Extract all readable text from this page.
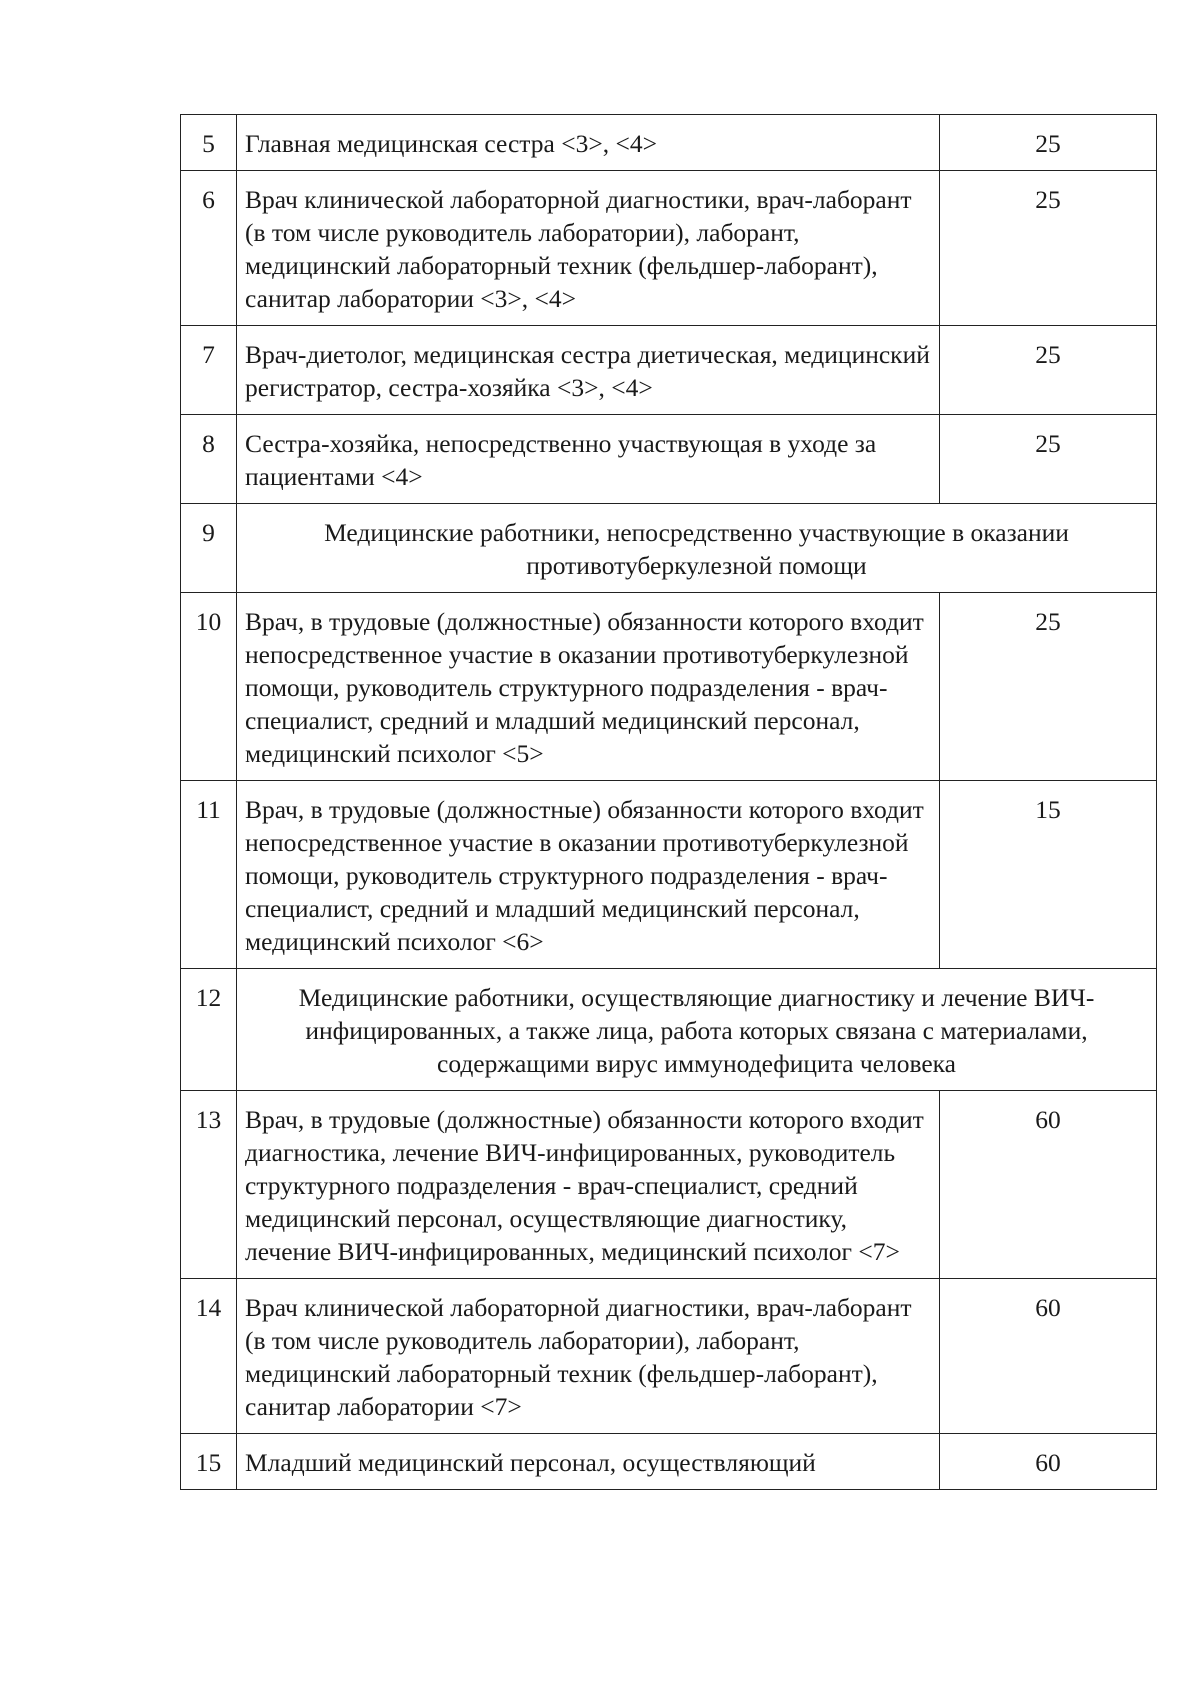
5	Главная медицинская сестра <3>, <4>	25
6	Врач клинической лабораторной диагностики, врач-лаборант (в том числе руководитель лаборатории), лаборант, медицинский лабораторный техник (фельдшер-лаборант), санитар лаборатории <3>, <4>	25
7	Врач-диетолог, медицинская сестра диетическая, медицинский регистратор, сестра-хозяйка <3>, <4>	25
8	Сестра-хозяйка, непосредственно участвующая в уходе за пациентами <4>	25
9	Медицинские работники, непосредственно участвующие в оказании противотуберкулезной помощи	
10	Врач, в трудовые (должностные) обязанности которого входит непосредственное участие в оказании противотуберкулезной помощи, руководитель структурного подразделения - врач-специалист, средний и младший медицинский персонал, медицинский психолог <5>	25
11	Врач, в трудовые (должностные) обязанности которого входит непосредственное участие в оказании противотуберкулезной помощи, руководитель структурного подразделения - врач-специалист, средний и младший медицинский персонал, медицинский психолог <6>	15
12	Медицинские работники, осуществляющие диагностику и лечение ВИЧ-инфицированных, а также лица, работа которых связана с материалами, содержащими вирус иммунодефицита человека	
13	Врач, в трудовые (должностные) обязанности которого входит диагностика, лечение ВИЧ-инфицированных, руководитель структурного подразделения - врач-специалист, средний медицинский персонал, осуществляющие диагностику, лечение ВИЧ-инфицированных, медицинский психолог <7>	60
14	Врач клинической лабораторной диагностики, врач-лаборант (в том числе руководитель лаборатории), лаборант, медицинский лабораторный техник (фельдшер-лаборант), санитар лаборатории <7>	60
15	Младший медицинский персонал, осуществляющий	60
